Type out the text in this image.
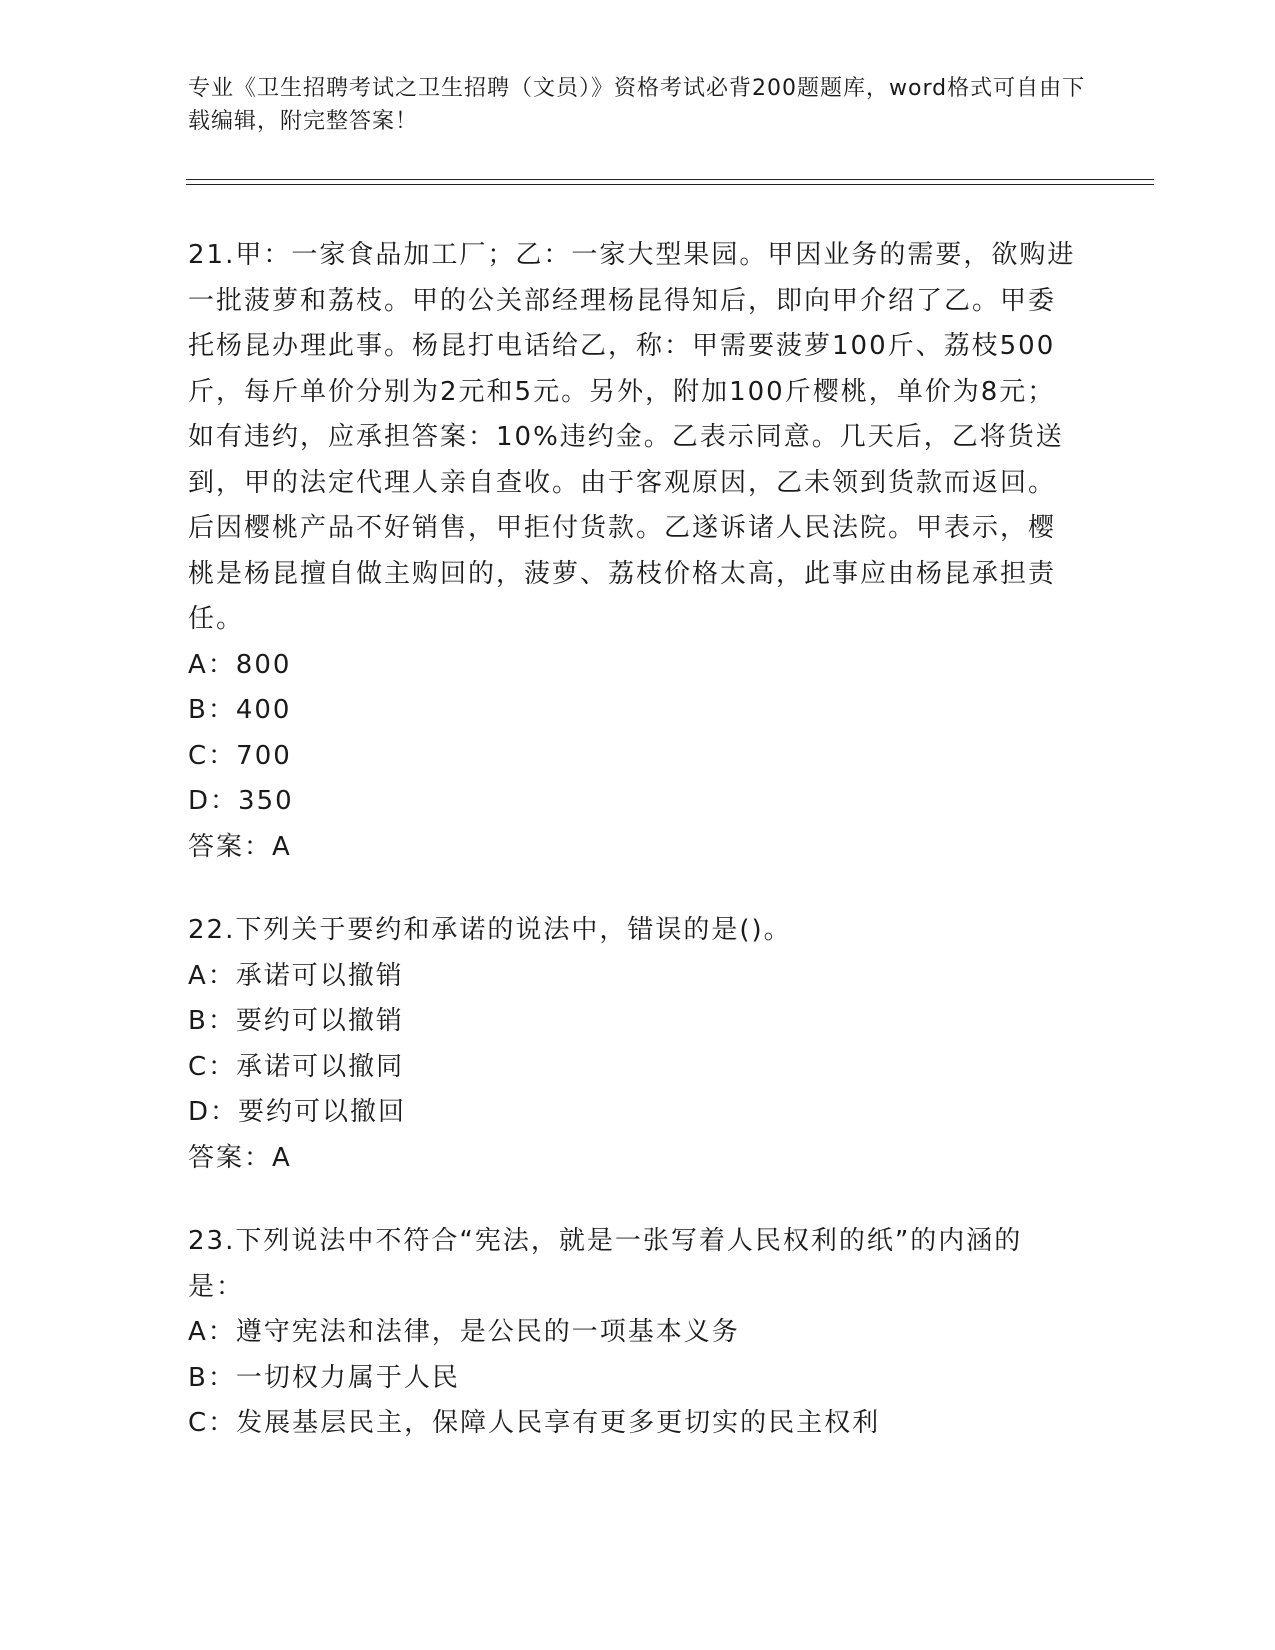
专业《卫生招聘考试之卫生招聘（文员）》资格考试必背200题题库，word格式可自由下载编辑，附完整答案！

21.甲：一家食品加工厂；乙：一家大型果园。甲因业务的需要，欲购进一批菠萝和荔枝。甲的公关部经理杨昆得知后，即向甲介绍了乙。甲委托杨昆办理此事。杨昆打电话给乙，称：甲需要菠萝100斤、荔枝500斤，每斤单价分别为2元和5元。另外，附加100斤樱桃，单价为8元；如有违约，应承担答案：10%违约金。乙表示同意。几天后，乙将货送到，甲的法定代理人亲自查收。由于客观原因，乙未领到货款而返回。后因樱桃产品不好销售，甲拒付货款。乙遂诉诸人民法院。甲表示，樱桃是杨昆擅自做主购回的，菠萝、荔枝价格太高，此事应由杨昆承担责任。

A：800

B：400

C：700

D：350

答案：A

22.下列关于要约和承诺的说法中，错误的是()。

A：承诺可以撤销

B：要约可以撤销

C：承诺可以撤同

D：要约可以撤回

答案：A

23.下列说法中不符合“宪法，就是一张写着人民权利的纸”的内涵的是：

A：遵守宪法和法律，是公民的一项基本义务

B：一切权力属于人民

C：发展基层民主，保障人民享有更多更切实的民主权利
